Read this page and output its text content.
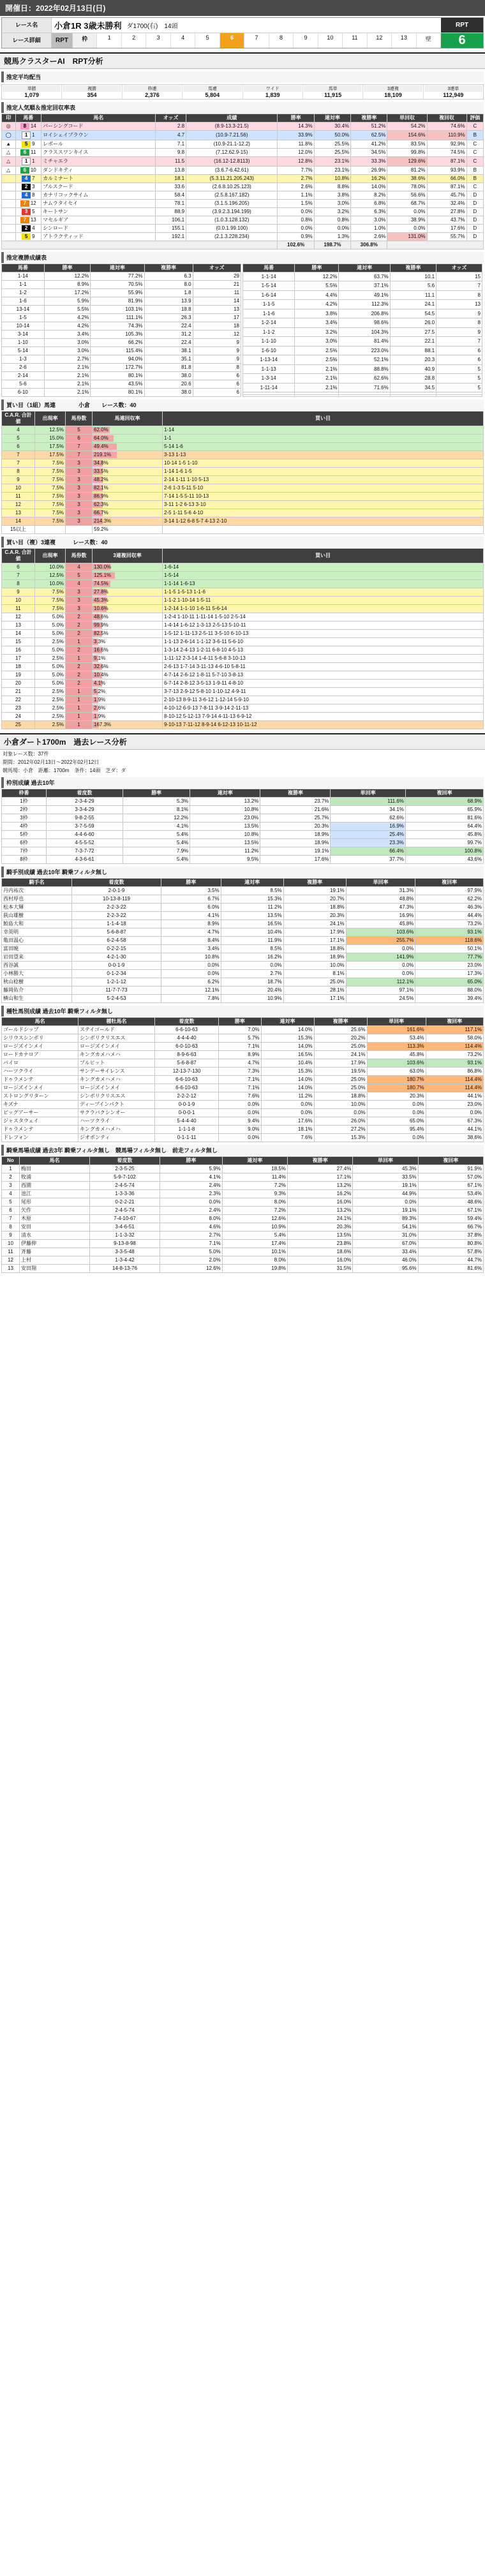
開催日：2022年02月13日(日)
レース名	小倉1R 3歳未勝利 ダ1700(右)　14頭	RPT
レース詳細	RPT	枠	1	2	3	4	5	6	7	8	9	10	11	12	13	壁	6
競馬クラスターAI　RPT分析
推定平均配当
単勝
1,079
複勝
354
枠連
2,376
馬連
5,804
ワイド
1,839
馬単
11,915
3連複
18,109
3連単
112,949
推定人気順＆推定回収率表
印	馬番	馬名	オッズ	成績	勝率	連対率	複勝率	単回収	複回収	評価
◎	8 14	パーシングコード	2.8	(8.9-13.3-21.5)	14.3%	30.4%	51.2%	54.2%	74.6%	C
◯	1 1	ロイシェイブラウン	4.7	(10.9-7.21.56)	33.9%	50.0%	62.5%	154.6%	110.9%	B
▲	5 9	レボール	7.1	(10.9-21.1-12.2)	11.8%	25.5%	41.2%	83.5%	92.9%	C
△	6 11	クラススワンキイス	9.8	(7.12.62.9-15)	12.0%	25.5%	34.5%	99.8%	74.5%	C
△	1 1	ミチャエラ	11.5	(16.12-12.8113)	12.8%	23.1%	33.3%	129.6%	87.1%	C
△	6 10	ダンドキティ	13.8	(3.6.7-6.42.61)	7.7%	23.1%	26.9%	81.2%	93.9%	B
	4 7	カルミナート	18.1	(5.3.11.21.205.243)	2.7%	10.8%	16.2%	38.6%	66.0%	B
	2 3	ブルスクード	33.6	(2.6.8.10.25.123)	2.6%	8.8%	14.0%	78.0%	87.1%	C
	4 8	カナリコックサイム	58.4	(2.5.8.167.182)	1.1%	3.8%	8.2%	56.6%	45.7%	D
	7 12	ナムラタイセイ	78.1	(3.1.5.196.205)	1.5%	3.0%	6.8%	68.7%	32.4%	D
	3 5	キートサン	88.9	(3.9.2.3.194.199)	0.0%	3.2%	6.3%	0.0%	27.8%	D
	7 13	マセルギア	106.1	(1.0.3.128.132)	0.8%	0.8%	3.0%	38.9%	43.7%	D
	2 4	シンロード	155.1	(0.0.1.99.100)	0.0%	0.0%	1.0%	0.0%	17.6%	D
	5 9	アトラクティッド	192.1	(2.1.3.228.234)	0.9%	1.3%	2.6%	131.0%	55.7%	D
					102.6%	198.7%	306.8%			
推定複勝成績表
馬番	勝率	連対率	複勝率	オッズ
1-14	12.2%	77.2%	6.3	29
1-1	8.9%	70.5%	8.0	21
1-2	17.2%	55.9%	1.8	11
1-6	5.9%	81.9%	13.9	14
13-14	5.5%	103.1%	18.8	13
1-5	4.2%	111.1%	26.3	17
10-14	4.2%	74.3%	22.4	18
3-14	3.4%	105.3%	31.2	12
1-10	3.0%	66.2%	22.4	9
5-14	3.0%	115.4%	38.1	9
1-3	2.7%	94.0%	35.1	9
2-6	2.1%	172.7%	81.8	8
2-14	2.1%	80.1%	38.0	6
5-6	2.1%	43.5%	20.6	6
6-10	2.1%	80.1%	38.0	6
馬番	勝率	連対率	複勝率	オッズ
1-1-14	12.2%	63.7%	10.1	15
1-5-14	5.5%	37.1%	5.6	7
1-6-14	4.4%	49.1%	11.1	8
1-1-5	4.2%	112.3%	24.1	13
1-1-6	3.8%	206.8%	54.5	9
1-2-14	3.4%	98.6%	26.0	8
1-1-2	3.2%	104.3%	27.5	9
1-1-10	3.0%	81.4%	22.1	7
1-6-10	2.5%	223.0%	88.1	6
1-13-14	2.5%	52.1%	20.3	6
1-1-13	2.1%	88.8%	40.9	5
1-3-14	2.1%	62.6%	28.8	5
1-11-14	2.1%	71.6%	34.5	5

買い目（1組）馬連　　　　小倉　　レース数：40
C.A.R. 合計値	出現率	馬券数	馬連回収率	買い目
4	12.5%	5	62.0%	1-14
5	15.0%	6	64.0%	1-1
6	17.5%	7	49.4%	5-14 1-6
7	17.5%	7	219.1%	3-13 1-13
7	7.5%	3	34.8%	10-14 1-5 1-10
8	7.5%	3	33.5%	1-14 1-6 1-5
9	7.5%	3	48.2%	2-14 1-11 1-10 5-13
10	7.5%	3	82.1%	2-6 1-3 5-11 5-10
11	7.5%	3	86.9%	7-14 1-5 5-11 10-13
12	7.5%	3	62.3%	3-11 1-2 6-13 3-10
13	7.5%	3	66.7%	2-5 1-11 5-6 4-10
14	7.5%	3	214.3%	3-14 1-12 6-8 5-7 4-13 2-10
15以上			59.2%	
買い目（複）3連複　　　レース数：40
C.A.R. 合計値	出現率	馬券数	3連複回収率	買い目
6	10.0%	4	130.0%	1-6-14
7	12.5%	5	125.1%	1-5-14
8	10.0%	4	74.5%	1-1-14 1-6-13
9	7.5%	3	27.8%	1-1-5 1-5-13 1-1-6
10	7.5%	3	45.3%	1-1-2 1-10-14 1-5-11
11	7.5%	3	10.6%	1-2-14 1-1-10 1-6-11 5-6-14
12	5.0%	2	48.6%	1-2-4 1-10-11 1-11-14 1-5-10 2-5-14
13	5.0%	2	99.9%	1-4-14 1-6-12 1-3-13 2-5-13 5-10-11
14	5.0%	2	82.5%	1-5-12 1-11-13 2-5-11 3-5-10 6-10-13
15	2.5%	1	3.3%	1-1-13 2-6-14 1-1-12 3-6-11 5-6-10
16	5.0%	2	16.6%	1-3-14 2-4-13 1-2-11 6-8-10 4-5-13
17	2.5%	1	9.1%	1-11-12 2-3-14 1-4-11 5-6-8 3-10-13
18	5.0%	2	32.6%	2-6-13 1-7-14 3-11-13 4-6-10 5-8-11
19	5.0%	2	10.4%	4-7-14 2-6-12 1-8-11 5-7-10 3-8-13
20	5.0%	2	4.1%	6-7-14 2-8-12 3-5-13 1-9-11 4-8-10
21	2.5%	1	5.2%	3-7-13 2-9-12 5-8-10 1-10-12 4-9-11
22	2.5%	1	1.9%	2-10-13 8-9-11 3-6-12 1-12-14 5-9-10
23	2.5%	1	2.6%	4-10-12 6-9-13 7-8-11 3-9-14 2-11-13
24	2.5%	1	1.9%	8-10-12 5-12-13 7-9-14 4-11-13 6-9-12
25	2.5%	1	167.3%	9-10-13 7-11-12 8-9-14 6-12-13 10-11-12
小倉ダート1700m　過去レース分析
対象レース数：37件
期間：2012年02月13日〜2022年02月12日
競馬場：小倉　距離：1700m　条件：14頭　芝ダ：ダ
枠別成績 過去10年
枠番	着度数	勝率	連対率	複勝率	単回率	複回率
1枠	2-3-4-29	5.3%	13.2%	23.7%	111.6%	68.9%
2枠	3-3-4-29	8.1%	10.8%	21.6%	34.1%	65.9%
3枠	9-8-2-55	12.2%	23.0%	25.7%	62.6%	81.6%
4枠	3-7-5-59	4.1%	13.5%	20.3%	16.9%	64.4%
5枠	4-4-6-60	5.4%	10.8%	18.9%	25.4%	45.8%
6枠	4-5-5-52	5.4%	13.5%	18.9%	23.3%	99.7%
7枠	7-3-7-72	7.9%	11.2%	19.1%	66.4%	100.8%
8枠	4-3-6-61	5.4%	9.5%	17.6%	37.7%	43.6%
騎手別成績 過去10年 騎乗フィルタ無し
騎手名	着度数	勝率	連対率	複勝率	単回率	複回率
丹内祐次	2-0-1-9	3.5%	8.5%	19.1%	31.3%	97.9%
西村厚也	10-13-8-119	6.7%	15.3%	20.7%	48.8%	62.2%
松本大輝	2-2-3-22	6.0%	11.2%	18.8%	47.3%	46.3%
荻山雄樹	2-2-3-22	4.1%	13.5%	20.3%	16.9%	44.4%
鮫島大和	1-1-4-18	8.9%	16.5%	24.1%	45.8%	73.2%
幸英明	5-6-8-87	4.7%	10.4%	17.9%	103.6%	93.1%
亀田温心	6-2-4-58	8.4%	11.9%	17.1%	255.7%	118.6%
富田暁	0-2-2-15	3.4%	8.5%	18.8%	0.0%	50.1%
岩田望来	4-2-1-30	10.8%	16.2%	18.9%	141.9%	77.7%
西谷誠	0-0-1-9	0.0%	0.0%	10.0%	0.0%	23.0%
小林勝大	0-1-2-34	0.0%	2.7%	8.1%	0.0%	17.3%
秋山稔樹	1-2-1-12	6.2%	18.7%	25.0%	112.1%	65.0%
藤岡佑介	11-7-7-73	12.1%	20.4%	28.1%	97.1%	88.0%
横山和生	5-2-4-53	7.8%	10.9%	17.1%	24.5%	39.4%
種牡馬別成績 過去10年 騎乗フィルタ無し
馬名	種牡馬名	着度数	勝率	連対率	複勝率	単回率	複回率
ゴールドシップ	ステイゴールド	6-6-10-63	7.0%	14.0%	25.6%	161.6%	117.1%
シリウスシンボリ	シンボリクリスエス	4-4-4-40	5.7%	15.3%	20.2%	53.4%	58.0%
ロージズインメイ	ロージズインメイ	6-0-10-63	7.1%	14.0%	25.0%	113.3%	114.4%
ロードカナロア	キングカメハメハ	8-9-6-63	8.9%	16.5%	24.1%	45.8%	73.2%
パイロ	プルピット	5-6-8-87	4.7%	10.4%	17.9%	103.6%	93.1%
ハーツクライ	サンデーサイレンス	12-13-7-130	7.3%	15.3%	19.5%	63.0%	86.8%
ドゥラメンテ	キングカメハメハ	6-6-10-63	7.1%	14.0%	25.0%	180.7%	114.4%
ロージズインメイ	ロージズインメイ	6-6-10-63	7.1%	14.0%	25.0%	180.7%	114.4%
ストロングリターン	シンボリクリスエス	2-2-2-12	7.6%	11.2%	18.8%	20.3%	44.1%
キズナ	ディープインパクト	0-0-1-9	0.0%	0.0%	10.0%	0.0%	23.0%
ビッグアーサー	サクラバクシンオー	0-0-0-1	0.0%	0.0%	0.0%	0.0%	0.0%
ジャスタウェイ	ハーツクライ	5-4-4-40	9.4%	17.6%	26.0%	65.0%	67.3%
ドゥラメンテ	キングカメハメハ	1-1-1-8	9.0%	18.1%	27.2%	95.4%	44.1%
ドレフォン	ジオポンティ	0-1-1-11	0.0%	7.6%	15.3%	0.0%	38.6%
騎乗馬場成績 過去3年 騎乗フィルタ無し　競馬場フィルタ無し　前走フィルタ無し
No	馬名	着度数	勝率	連対率	複勝率	単回率	複回率
1	梅田	2-3-5-25	5.9%	18.5%	27.4%	45.3%	91.9%
2	牧浦	5-9-7-102	4.1%	11.4%	17.1%	33.5%	57.0%
3	西園	2-4-5-74	2.4%	7.2%	13.2%	19.1%	67.1%
4	池江	1-3-3-36	2.3%	9.3%	16.2%	44.9%	53.4%
5	尾形	0-2-2-21	0.0%	8.0%	16.0%	0.0%	48.6%
6	矢作	2-4-5-74	2.4%	7.2%	13.2%	19.1%	67.1%
7	木原	7-4-10-67	8.0%	12.6%	24.1%	89.3%	59.4%
8	安田	3-4-6-51	4.6%	10.9%	20.3%	54.1%	66.7%
9	清水	1-1-3-32	2.7%	5.4%	13.5%	31.0%	37.8%
10	伊藤伸	9-13-8-98	7.1%	17.4%	23.8%	67.0%	80.8%
11	斉藤	3-3-5-48	5.0%	10.1%	18.6%	33.4%	57.8%
12	上村	1-3-4-42	2.0%	8.0%	16.0%	46.0%	44.7%
13	安田翔	14-8-13-76	12.6%	19.8%	31.5%	95.6%	81.6%
